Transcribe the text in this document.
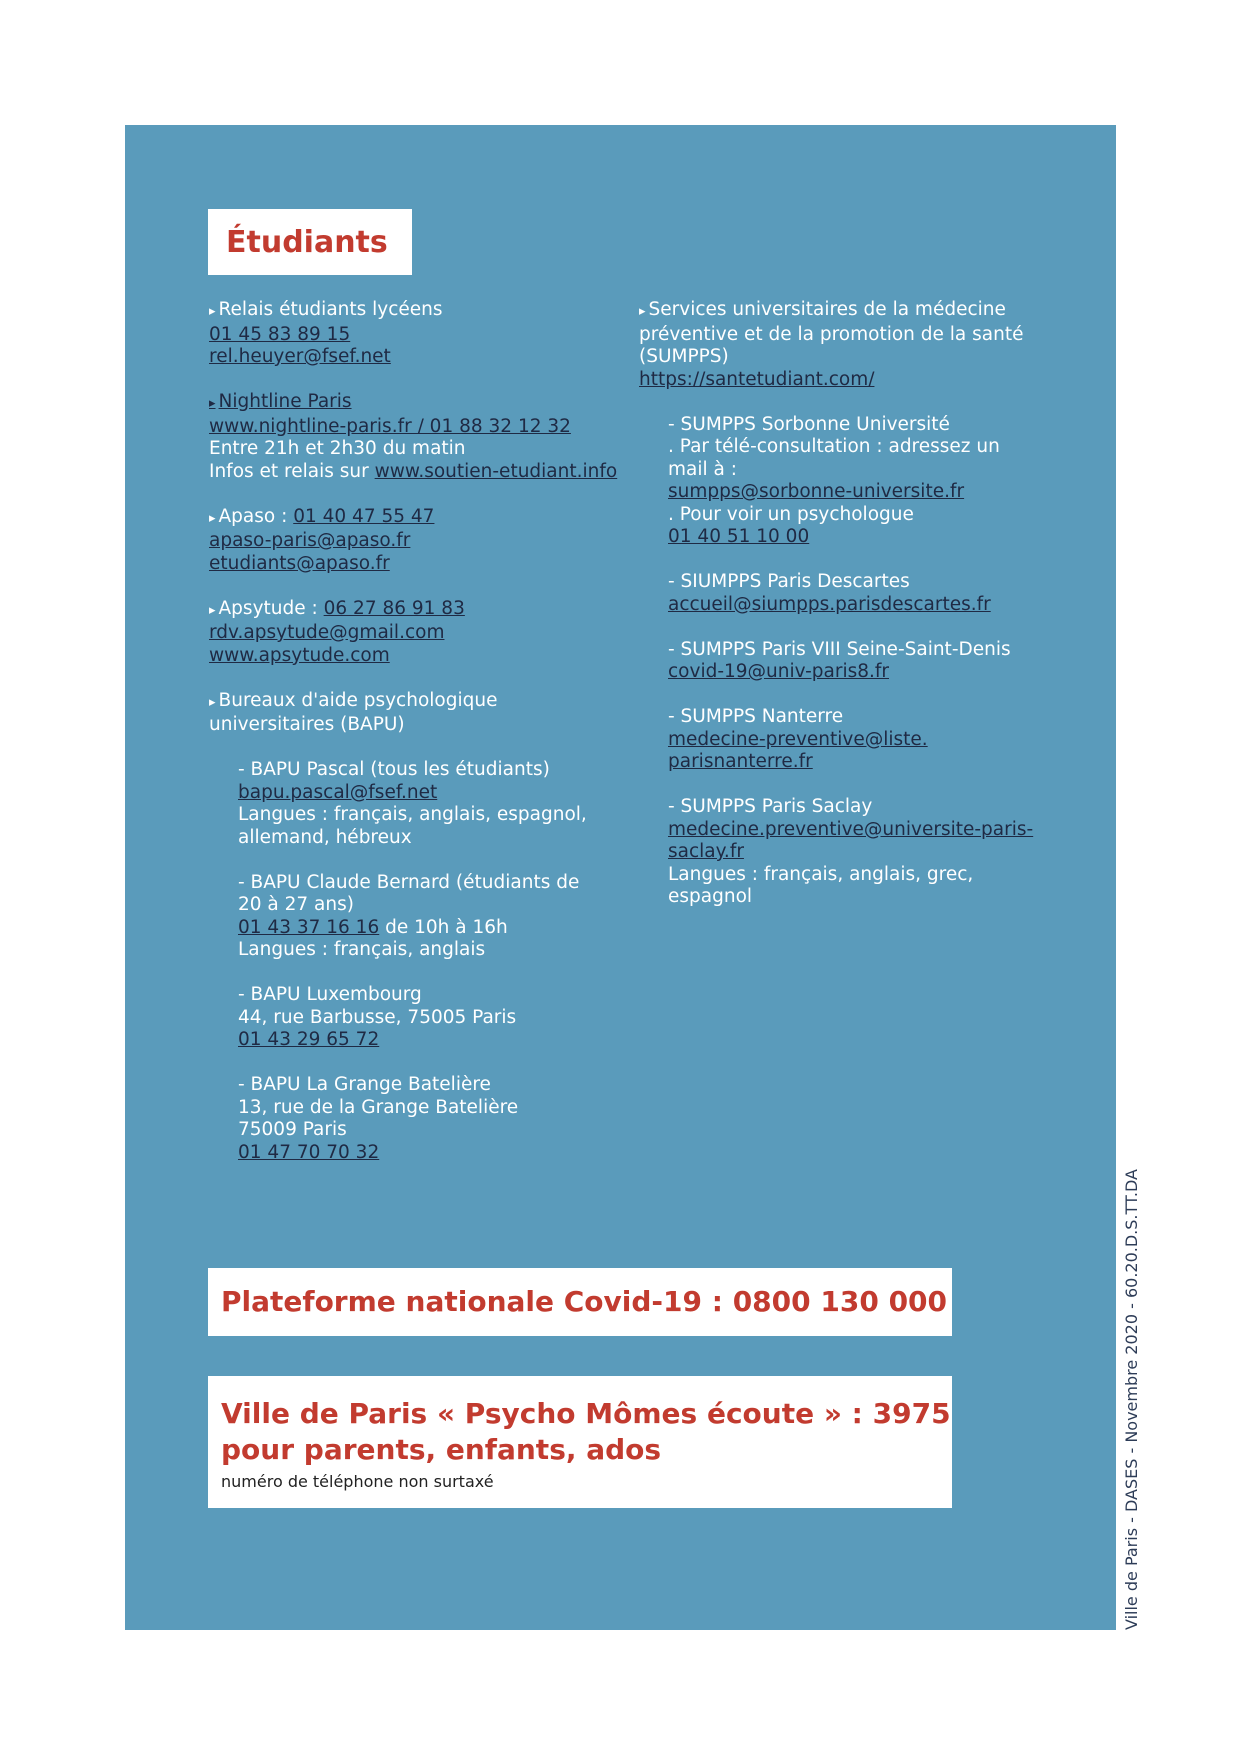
Étudiants
▸ Relais étudiants lycéens
01 45 83 89 15
rel.heuyer@fsef.net
▸ Nightline Paris
www.nightline-paris.fr / 01 88 32 12 32
Entre 21h et 2h30 du matin
Infos et relais sur www.soutien-etudiant.info
▸ Apaso : 01 40 47 55 47
apaso-paris@apaso.fr
etudiants@apaso.fr
▸ Apsytude : 06 27 86 91 83
rdv.apsytude@gmail.com
www.apsytude.com
▸ Bureaux d'aide psychologique
universitaires (BAPU)
- BAPU Pascal (tous les étudiants)
bapu.pascal@fsef.net
Langues : français, anglais, espagnol,
allemand, hébreux
- BAPU Claude Bernard (étudiants de
20 à 27 ans)
01 43 37 16 16 de 10h à 16h
Langues : français, anglais
- BAPU Luxembourg
44, rue Barbusse, 75005 Paris
01 43 29 65 72
- BAPU La Grange Batelière
13, rue de la Grange Batelière
75009 Paris
01 47 70 70 32
▸ Services universitaires de la médecine
préventive et de la promotion de la santé
(SUMPPS)
https://santetudiant.com/
- SUMPPS Sorbonne Université
. Par télé-consultation : adressez un
mail à :
sumpps@sorbonne-universite.fr
. Pour voir un psychologue
01 40 51 10 00
- SIUMPPS Paris Descartes
accueil@siumpps.parisdescartes.fr
- SUMPPS Paris VIII Seine-Saint-Denis
covid-19@univ-paris8.fr
- SUMPPS Nanterre
medecine-preventive@liste.
parisnanterre.fr
- SUMPPS Paris Saclay
medecine.preventive@universite-paris-
saclay.fr
Langues : français, anglais, grec,
espagnol
Plateforme nationale Covid-19 : 0800 130 000
Ville de Paris « Psycho Mômes écoute » : 3975
pour parents, enfants, ados
numéro de téléphone non surtaxé	Ville de Paris - DASES - Novembre 2020 - 60.20.D.S.TT.DA
